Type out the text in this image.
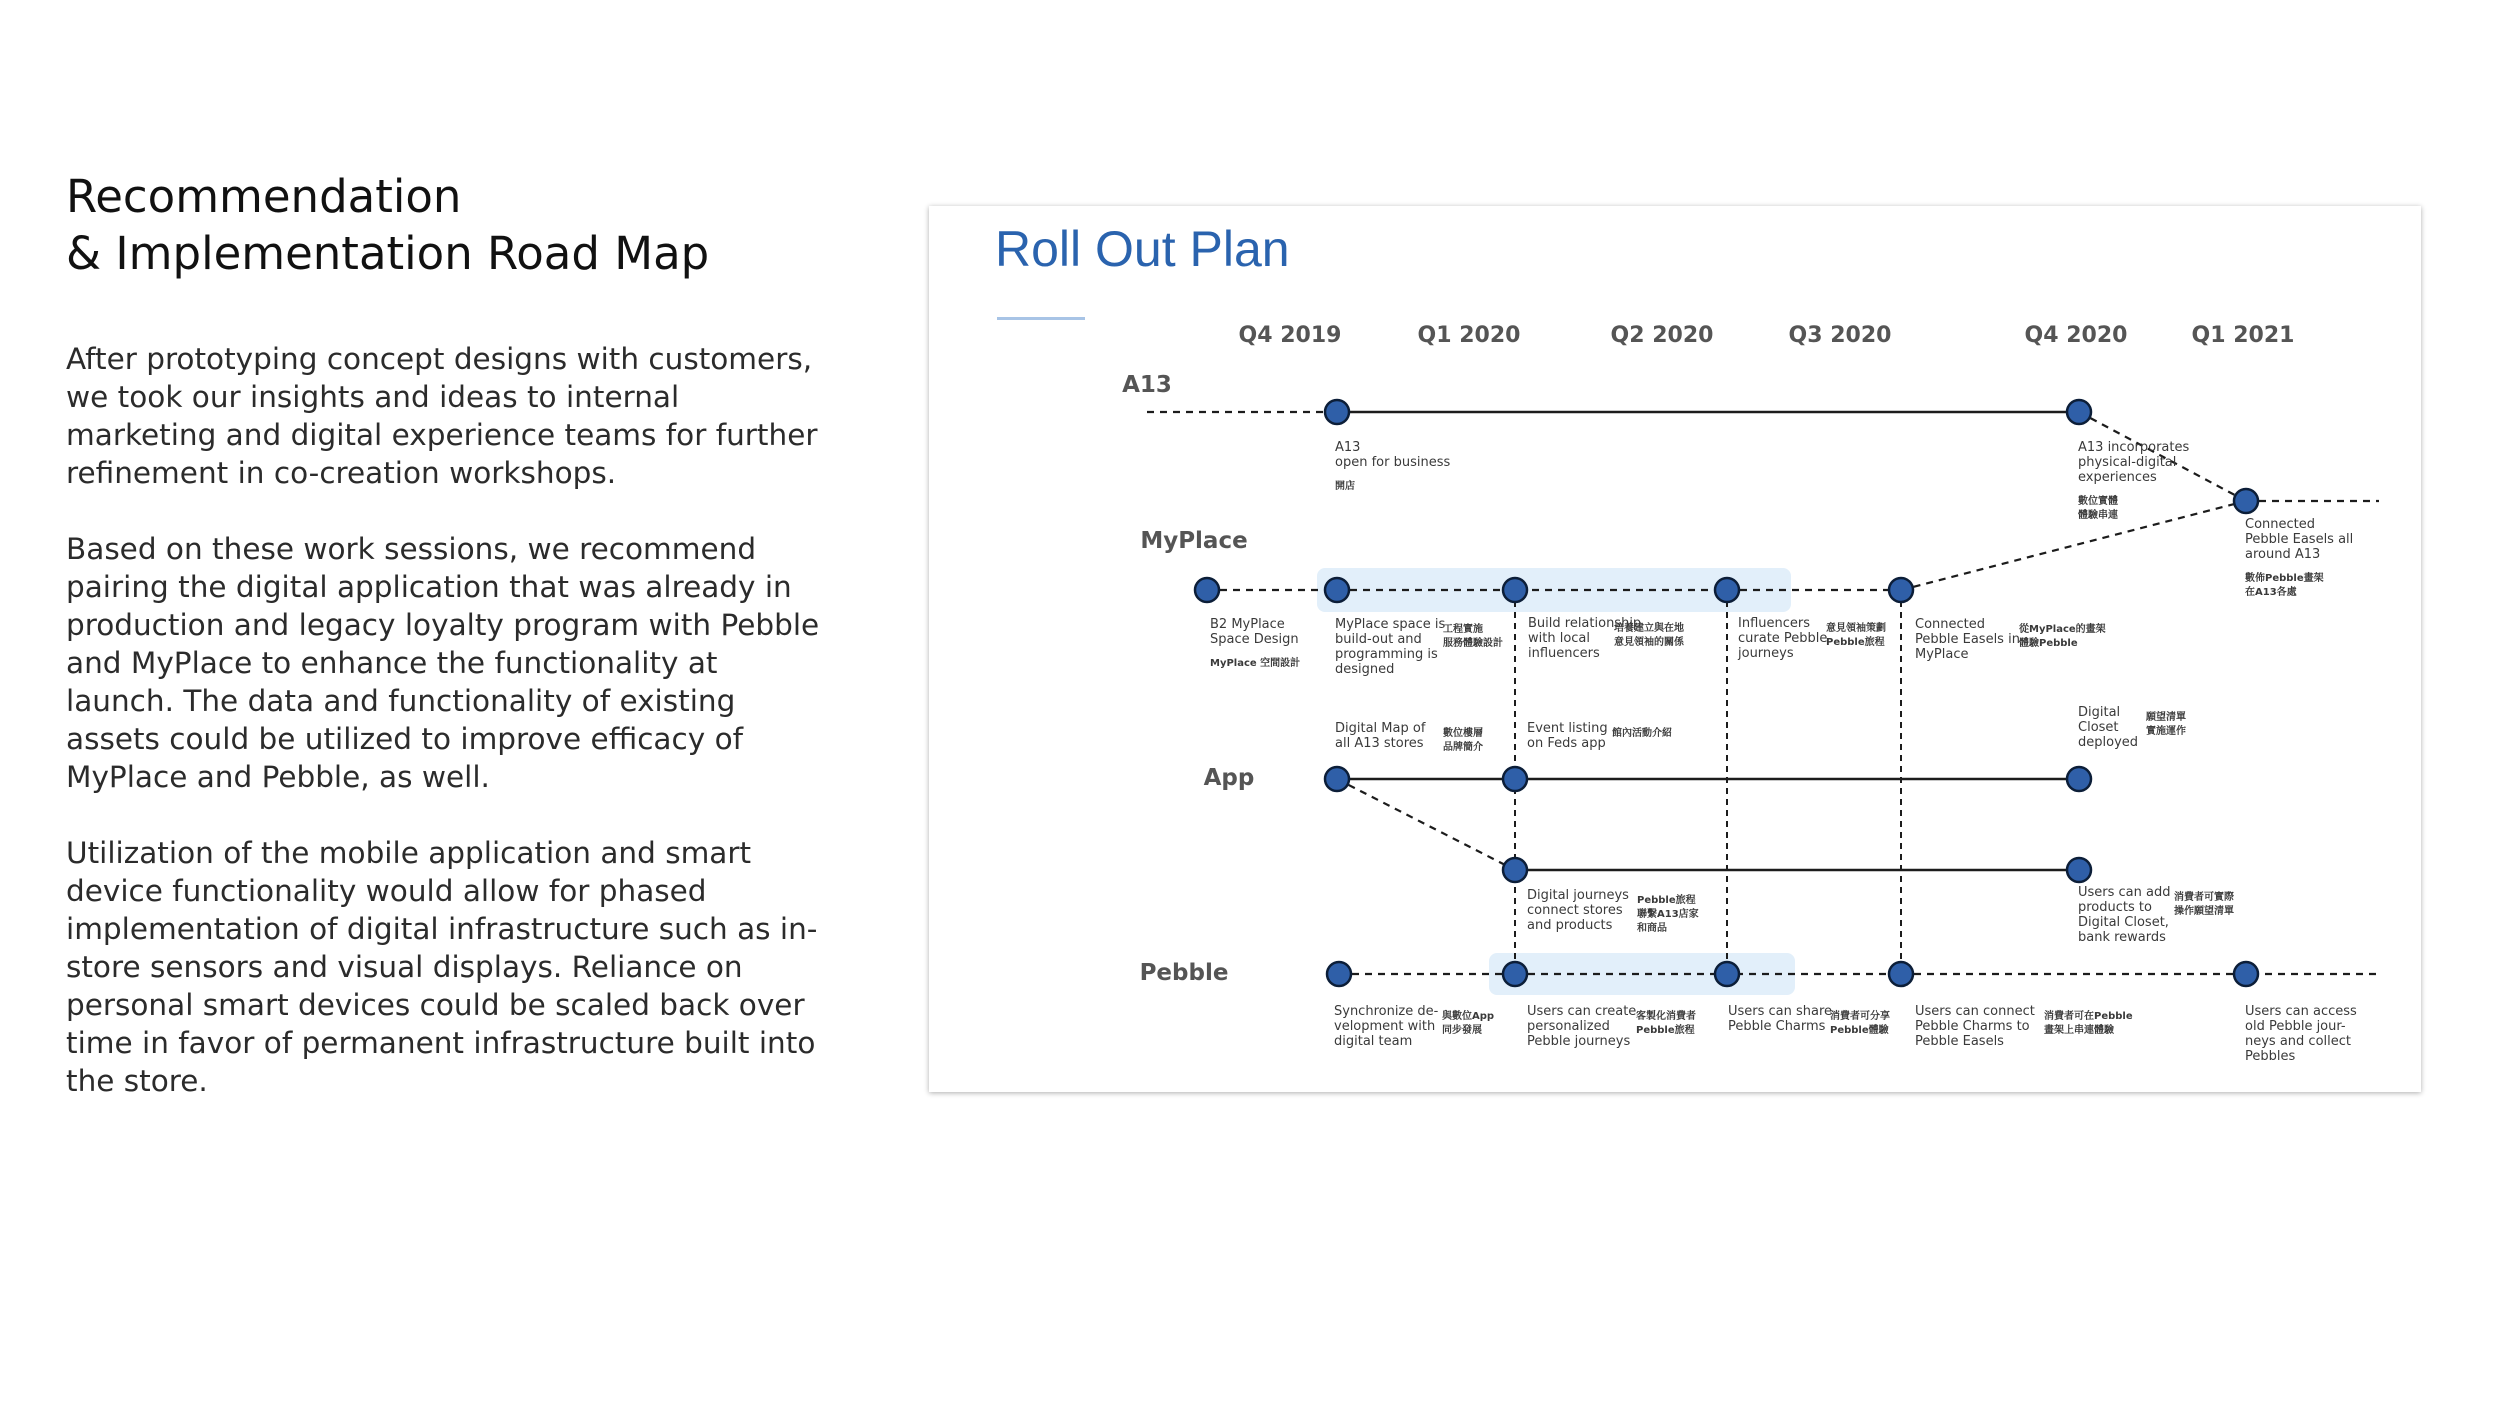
Recommendation
& Implementation Road Map

After prototyping concept designs with customers, we took our insights and ideas to internal marketing and digital experience teams for further refinement in co-creation workshops.

Based on these work sessions, we recommend pairing the digital application that was already in production and legacy loyalty program with Pebble and MyPlace to enhance the functionality at launch. The data and functionality of existing assets could be utilized to improve efficacy of MyPlace and Pebble, as well.

Utilization of the mobile application and smart device functionality would allow for phased implementation of digital infrastructure such as in-store sensors and visual displays. Reliance on personal smart devices could be scaled back over time in favor of permanent infrastructure built into the store.

Roll Out Plan
Q4 2019	Q1 2020	Q2 2020	Q3 2020	Q4 2020	Q1 2021
A13
MyPlace
App
Pebble
A13
open for business
開店
A13 incorporates
physical-digital
experiences
數位實體
體驗串連
Connected
Pebble Easels all
around A13
數佈Pebble畫架
在A13各處
B2 MyPlace
Space Design
MyPlace 空間設計
MyPlace space is
build-out and
programming is
designed
工程實施
服務體驗設計
Build relationship
with local
influencers
培養建立與在地
意見領袖的關係
Influencers
curate Pebble
journeys
意見領袖策劃
Pebble旅程
Connected
Pebble Easels in
MyPlace
從MyPlace的畫架
體驗Pebble
Digital Map of
all A13 stores
數位樓層
品牌簡介
Event listing
on Feds app
館內活動介紹
Digital
Closet
deployed
願望清單
實施運作
Digital journeys
connect stores
and products
Pebble旅程
聯繫A13店家
和商品
Users can add
products to
Digital Closet,
bank rewards
消費者可實際
操作願望清單
Synchronize de-
velopment with
digital team
與數位App
同步發展
Users can create
personalized
Pebble journeys
客製化消費者
Pebble旅程
Users can share
Pebble Charms
消費者可分享
Pebble體驗
Users can connect
Pebble Charms to
Pebble Easels
消費者可在Pebble
畫架上串連體驗
Users can access
old Pebble jour-
neys and collect
Pebbles
